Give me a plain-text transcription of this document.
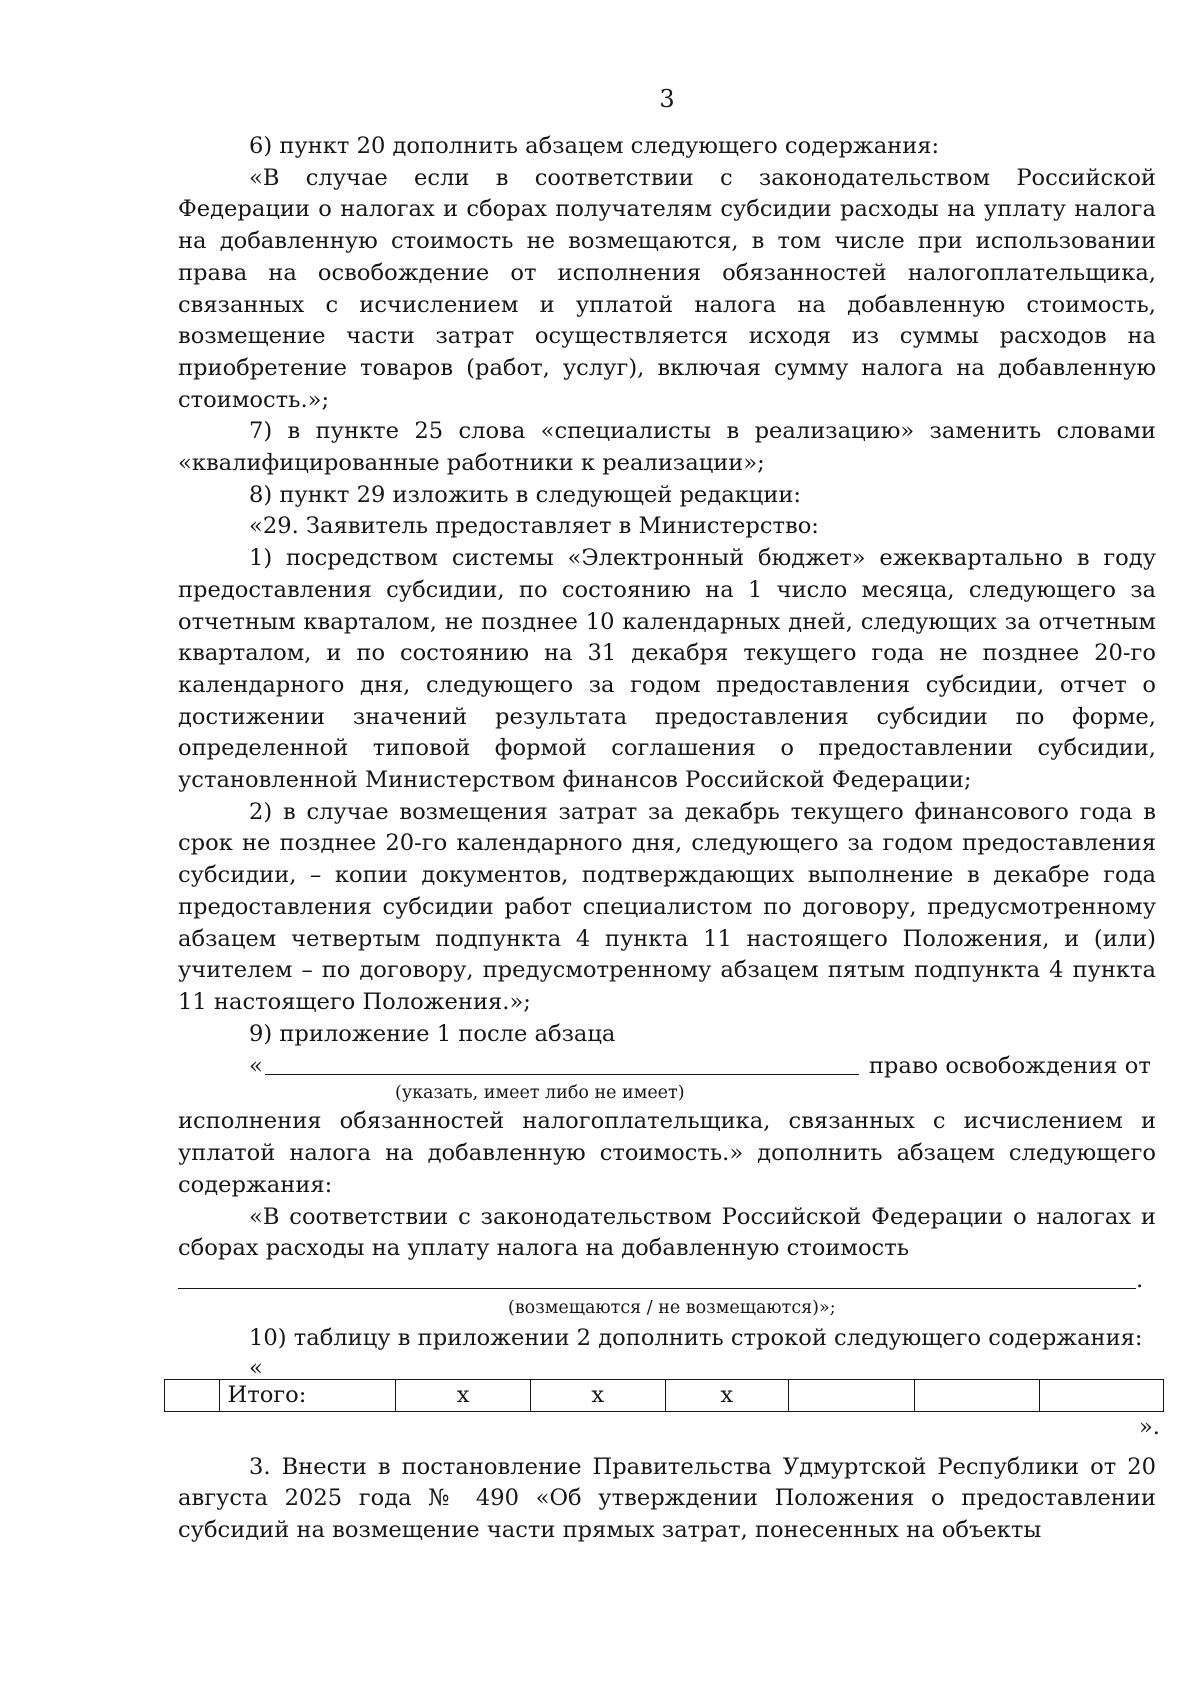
3

6) пункт 20 дополнить абзацем следующего содержания:

«В случае если в соответствии с законодательством Российской Федерации о налогах и сборах получателям субсидии расходы на уплату налога на добавленную стоимость не возмещаются, в том числе при использовании права на освобождение от исполнения обязанностей налогоплательщика, связанных с исчислением и уплатой налога на добавленную стоимость, возмещение части затрат осуществляется исходя из суммы расходов на приобретение товаров (работ, услуг), включая сумму налога на добавленную стоимость.»;

7) в пункте 25 слова «специалисты в реализацию» заменить словами «квалифицированные работники к реализации»;

8) пункт 29 изложить в следующей редакции:

«29. Заявитель предоставляет в Министерство:

1) посредством системы «Электронный бюджет» ежеквартально в году предоставления субсидии, по состоянию на 1 число месяца, следующего за отчетным кварталом, не позднее 10 календарных дней, следующих за отчетным кварталом, и по состоянию на 31 декабря текущего года не позднее 20-го календарного дня, следующего за годом предоставления субсидии, отчет о достижении значений результата предоставления субсидии по форме, определенной типовой формой соглашения о предоставлении субсидии, установленной Министерством финансов Российской Федерации;

2) в случае возмещения затрат за декабрь текущего финансового года в срок не позднее 20-го календарного дня, следующего за годом предоставления субсидии, – копии документов, подтверждающих выполнение в декабре года предоставления субсидии работ специалистом по договору, предусмотренному абзацем четвертым подпункта 4 пункта 11 настоящего Положения, и (или) учителем – по договору, предусмотренному абзацем пятым подпункта 4 пункта 11 настоящего Положения.»;

9) приложение 1 после абзаца

«	право освобождения от
(указать, имеет либо не имеет)

исполнения обязанностей налогоплательщика, связанных с исчислением и уплатой налога на добавленную стоимость.» дополнить абзацем следующего содержания:

«В соответствии с законодательством Российской Федерации о налогах и сборах расходы на уплату налога на добавленную стоимость

.
(возмещаются / не возмещаются)»;

10) таблицу в приложении 2 дополнить строкой следующего содержания:

«
	Итого:	х	х	х			
».

3. Внести в постановление Правительства Удмуртской Республики от 20 августа 2025 года № 490 «Об утверждении Положения о предоставлении субсидий на возмещение части прямых затрат, понесенных на объекты
